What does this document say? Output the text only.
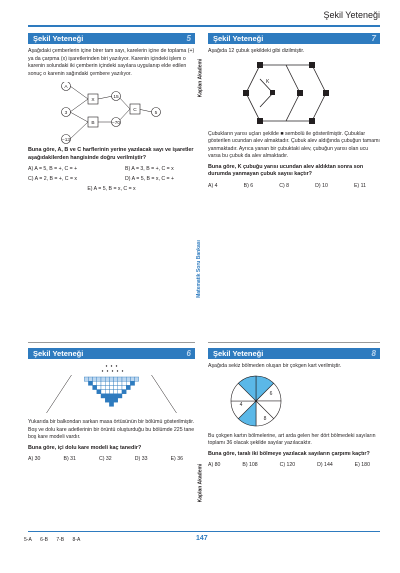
Şekil Yeteneği
Kaplan Akademi
Matematik Soru Bankası
Kaplan Akademi
Şekil Yeteneği	5
Aşağıdaki çemberlerin içine birer tam sayı, karelerin içine de toplama (+) ya da çarpma (x) işaretlerinden biri yazılıyor. Karenin içindeki işlem o karenin solundaki iki çemberin içindeki sayılara uygulanıp elde edilen sonuç o karenin sağındaki çembere yazılıyor.
A
3
−13
X
B
15
−70
C
5
Buna göre, A, B ve C harflerinin yerine yazılacak sayı ve işaretler aşağıdakilerden hangisinde doğru verilmiştir?
A) A = 5, B = +, C = +	B) A = 3, B = +, C = x
C) A = 2, B = +, C = x	D) A = 5, B = x, C = +
E) A = 5, B = x, C = x
Şekil Yeteneği	7
Aşağıda 12 çubuk şekildeki gibi dizilmiştir.
K
Çubukların yarısı uçları şekilde ■ sembolü ile gösterilmiştir. Çubuklar gösterilen ucundan alev almaktadır. Çubuk alev aldığında çubuğun tamamı yanmaktadır. Ayrıca yanan bir çubuktaki alev, çubuğun yarısı olan ucu varsa bu çubuk da alev almaktadır.
Buna göre, K çubuğu yarısı ucundan alev aldıktan sonra son durumda yanmayan çubuk sayısı kaçtır?
A) 4	B) 6	C) 8	D) 10	E) 11
Şekil Yeteneği	6
Yukarıda bir balkondan sarkan masa örtüsünün bir bölümü gösterilmiştir. Boş ve dolu kare adetlerinin bir örüntü oluşturduğu bu bölümde 225 tane boş kare modeli vardır.
Buna göre, içi dolu kare modeli kaç tanedir?
A) 30	B) 31	C) 32	D) 33	E) 36
Şekil Yeteneği	8
Aşağıda sekiz bölmeden oluşan bir çokgen kart verilmiştir.
6
4
8
Bu çokgen kartın bölmelerine, art arda gelen her dört bölmedeki sayıların toplamı 36 olacak şekilde sayılar yazılacaktır.
Buna göre, taralı iki bölmeye yazılacak sayıların çarpımı kaçtır?
A) 80	B) 108	C) 120	D) 144	E) 180
5-A 6-B 7-B 8-A	147
